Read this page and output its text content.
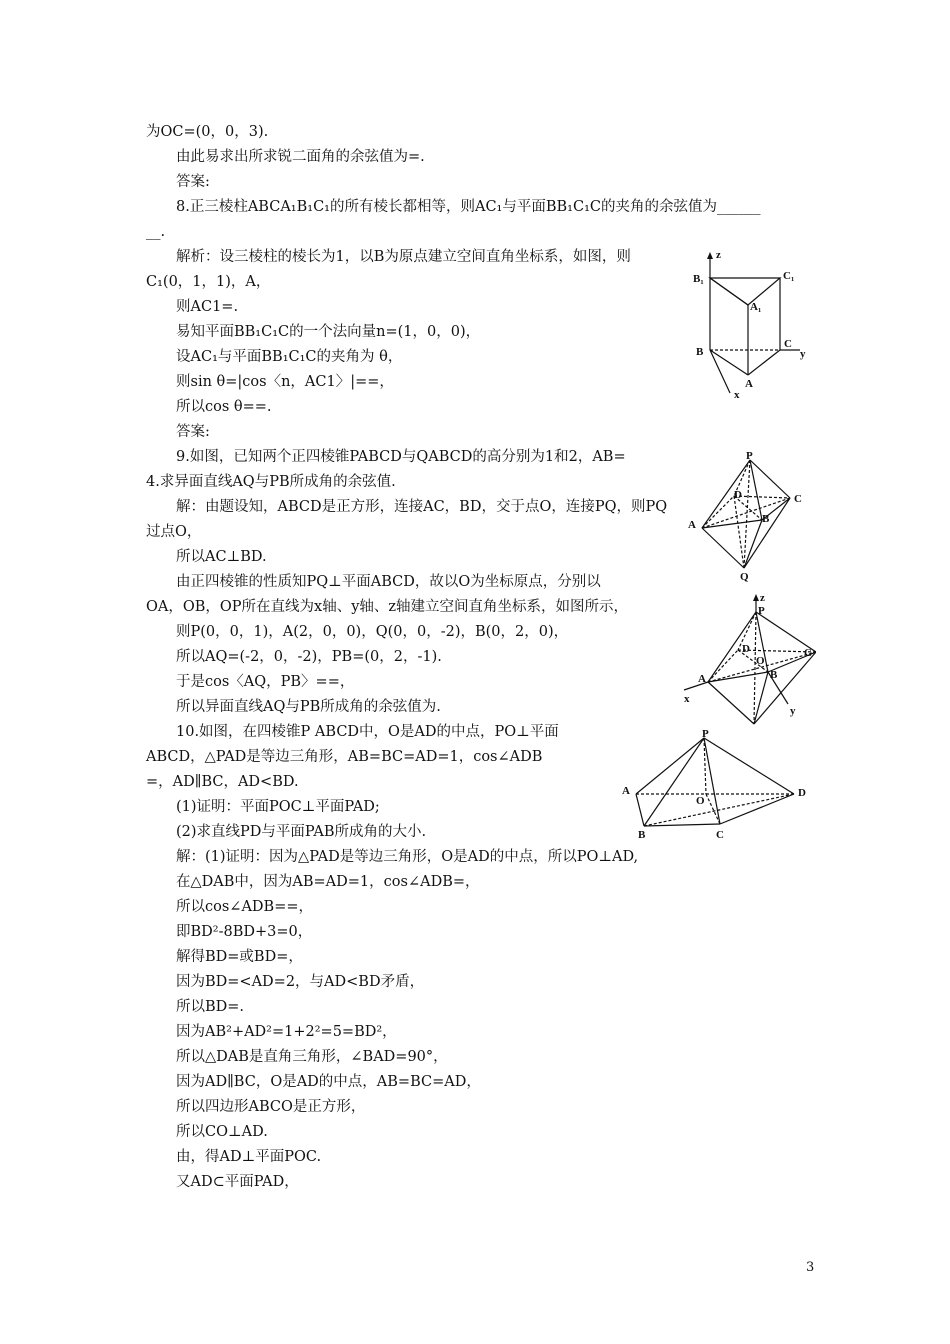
为OC=(0，0，3).
由此易求出所求锐二面角的余弦值为=.
答案:
8.正三棱柱ABCA₁B₁C₁的所有棱长都相等，则AC₁与平面BB₁C₁C的夹角的余弦值为______
__.
解析：设三棱柱的棱长为1，以B为原点建立空间直角坐标系，如图，则
C₁(0，1，1)，A，
则AC1=.
易知平面BB₁C₁C的一个法向量n=(1，0，0)，
设AC₁与平面BB₁C₁C的夹角为 θ，
则sin θ=|cos〈n，AC1〉|==，
所以cos θ==.
答案:
9.如图，已知两个正四棱锥PABCD与QABCD的高分别为1和2，AB=
4.求异面直线AQ与PB所成角的余弦值.
解：由题设知，ABCD是正方形，连接AC，BD，交于点O，连接PQ，则PQ
过点O，
所以AC⊥BD.
由正四棱锥的性质知PQ⊥平面ABCD，故以O为坐标原点，分别以
OA，OB，OP所在直线为x轴、y轴、z轴建立空间直角坐标系，如图所示，
则P(0，0，1)，A(2，0，0)，Q(0，0，-2)，B(0，2，0)，
所以AQ=(-2，0，-2)，PB=(0，2，-1).
于是cos〈AQ，PB〉==，
所以异面直线AQ与PB所成角的余弦值为.
10.如图，在四棱锥P ABCD中，O是AD的中点，PO⊥平面
ABCD，△PAD是等边三角形，AB=BC=AD=1，cos∠ADB
=，AD∥BC，AD<BD.
(1)证明：平面POC⊥平面PAD;
(2)求直线PD与平面PAB所成角的大小.
解：(1)证明：因为△PAD是等边三角形，O是AD的中点，所以PO⊥AD,
在△DAB中，因为AB=AD=1，cos∠ADB=，
所以cos∠ADB==，
即BD²-8BD+3=0，
解得BD=或BD=，
因为BD=<AD=2，与AD<BD矛盾，
所以BD=.
因为AB²+AD²=1+2²=5=BD²，
所以△DAB是直角三角形，∠BAD=90°，
因为AD∥BC，O是AD的中点，AB=BC=AD，
所以四边形ABCO是正方形，
所以CO⊥AD.
由，得AD⊥平面POC.
又AD⊂平面PAD，
z
B₁	C₁
A₁
B
C
A
y
x
P
D	C
A	B
Q
z
P
D	C
O
A	B
x
y
P
A
O
D
B	C
3
